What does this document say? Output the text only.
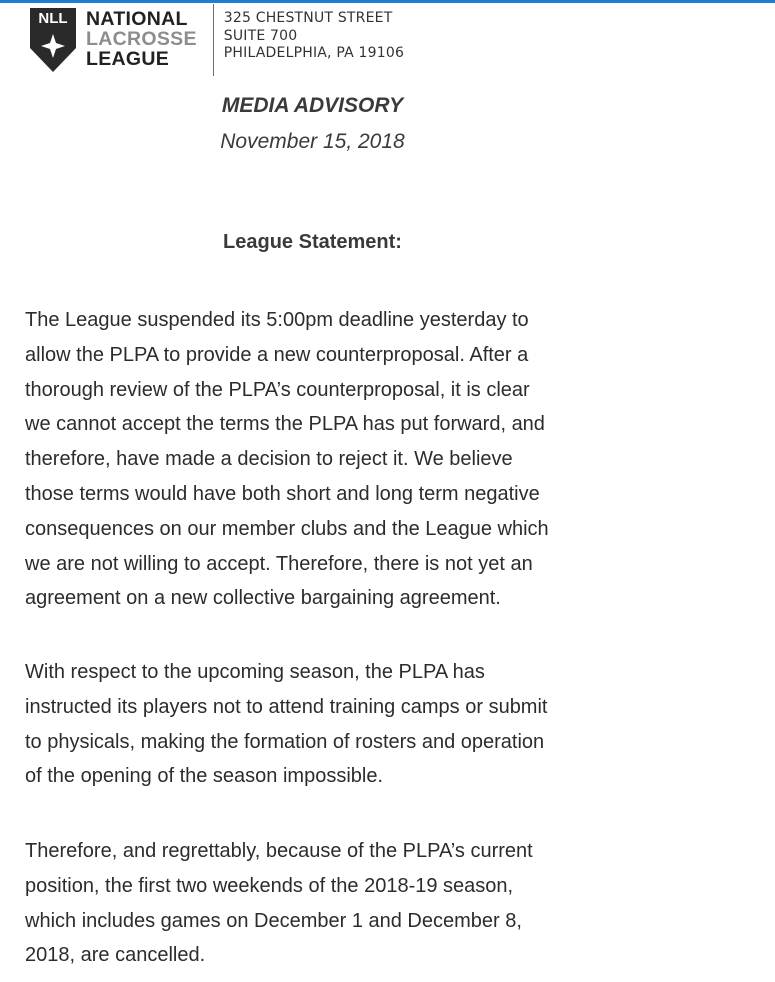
NLL NATIONAL
LACROSSE
LEAGUE
325 CHESTNUT STREET
SUITE 700
PHILADELPHIA, PA 19106
MEDIA ADVISORY
November 15, 2018
League Statement:
The League suspended its 5:00pm deadline yesterday to
allow the PLPA to provide a new counterproposal. After a
thorough review of the PLPA’s counterproposal, it is clear
we cannot accept the terms the PLPA has put forward, and
therefore, have made a decision to reject it. We believe
those terms would have both short and long term negative
consequences on our member clubs and the League which
we are not willing to accept. Therefore, there is not yet an
agreement on a new collective bargaining agreement.
With respect to the upcoming season, the PLPA has
instructed its players not to attend training camps or submit
to physicals, making the formation of rosters and operation
of the opening of the season impossible.
Therefore, and regrettably, because of the PLPA’s current
position, the first two weekends of the 2018-19 season,
which includes games on December 1 and December 8,
2018, are cancelled.
